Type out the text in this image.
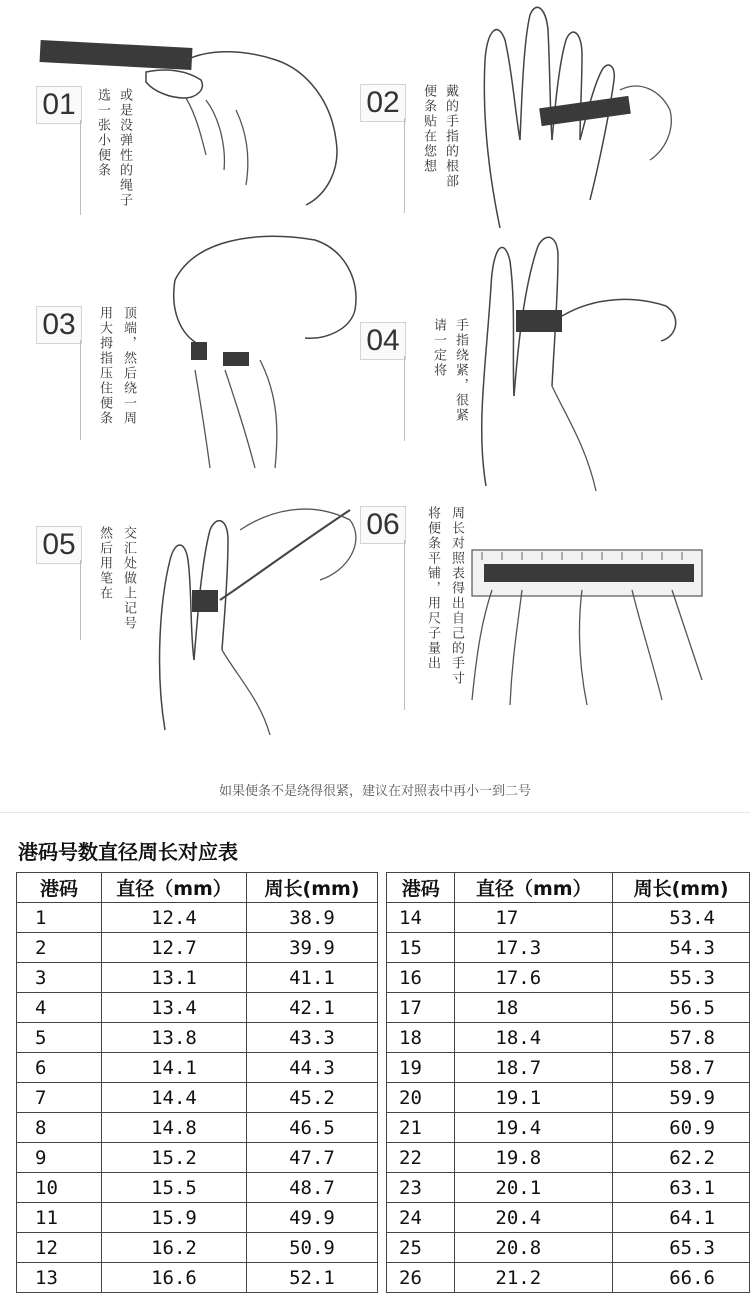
01	选一张小便条 或是没弹性的绳子	02	便条贴在您想 戴的手指的根部
03	用大拇指压住便条 顶端，然后绕一周	04	请一定将 手指绕紧，很紧
05	然后用笔在 交汇处做上记号
06	将便条平铺，用尺子量出 周长对照表得出自己的手寸
如果便条不是绕得很紧，建议在对照表中再小一到二号
港码号数直径周长对应表
港码	直径（mm）	周长(mm)
1	12.4	38.9
2	12.7	39.9
3	13.1	41.1
4	13.4	42.1
5	13.8	43.3
6	14.1	44.3
7	14.4	45.2
8	14.8	46.5
9	15.2	47.7
10	15.5	48.7
11	15.9	49.9
12	16.2	50.9
13	16.6	52.1
港码	直径（mm）	周长(mm)
14	17	53.4
15	17.3	54.3
16	17.6	55.3
17	18	56.5
18	18.4	57.8
19	18.7	58.7
20	19.1	59.9
21	19.4	60.9
22	19.8	62.2
23	20.1	63.1
24	20.4	64.1
25	20.8	65.3
26	21.2	66.6
